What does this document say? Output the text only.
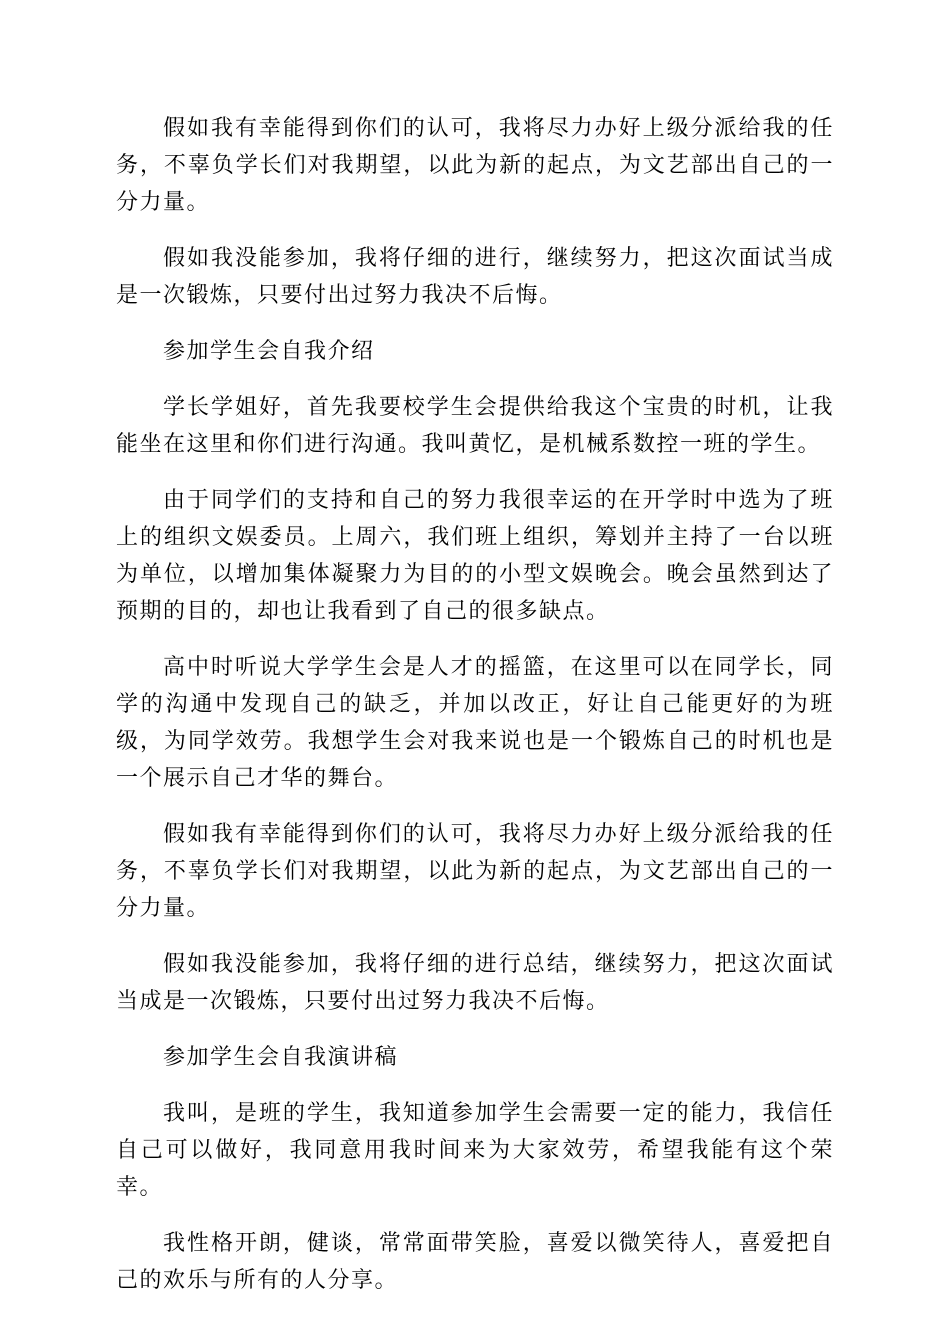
假如我有幸能得到你们的认可，我将尽力办好上级分派给我的任务，不辜负学长们对我期望，以此为新的起点，为文艺部出自己的一分力量。

假如我没能参加，我将仔细的进行，继续努力，把这次面试当成是一次锻炼，只要付出过努力我决不后悔。

参加学生会自我介绍

学长学姐好，首先我要校学生会提供给我这个宝贵的时机，让我能坐在这里和你们进行沟通。我叫黄忆，是机械系数控一班的学生。

由于同学们的支持和自己的努力我很幸运的在开学时中选为了班上的组织文娱委员。上周六，我们班上组织，筹划并主持了一台以班为单位，以增加集体凝聚力为目的的小型文娱晚会。晚会虽然到达了预期的目的，却也让我看到了自己的很多缺点。

高中时听说大学学生会是人才的摇篮，在这里可以在同学长，同学的沟通中发现自己的缺乏，并加以改正，好让自己能更好的为班级，为同学效劳。我想学生会对我来说也是一个锻炼自己的时机也是一个展示自己才华的舞台。

假如我有幸能得到你们的认可，我将尽力办好上级分派给我的任务，不辜负学长们对我期望，以此为新的起点，为文艺部出自己的一分力量。

假如我没能参加，我将仔细的进行总结，继续努力，把这次面试当成是一次锻炼，只要付出过努力我决不后悔。

参加学生会自我演讲稿

我叫，是班的学生，我知道参加学生会需要一定的能力，我信任自己可以做好，我同意用我时间来为大家效劳，希望我能有这个荣幸。

我性格开朗，健谈，常常面带笑脸，喜爱以微笑待人，喜爱把自己的欢乐与所有的人分享。
